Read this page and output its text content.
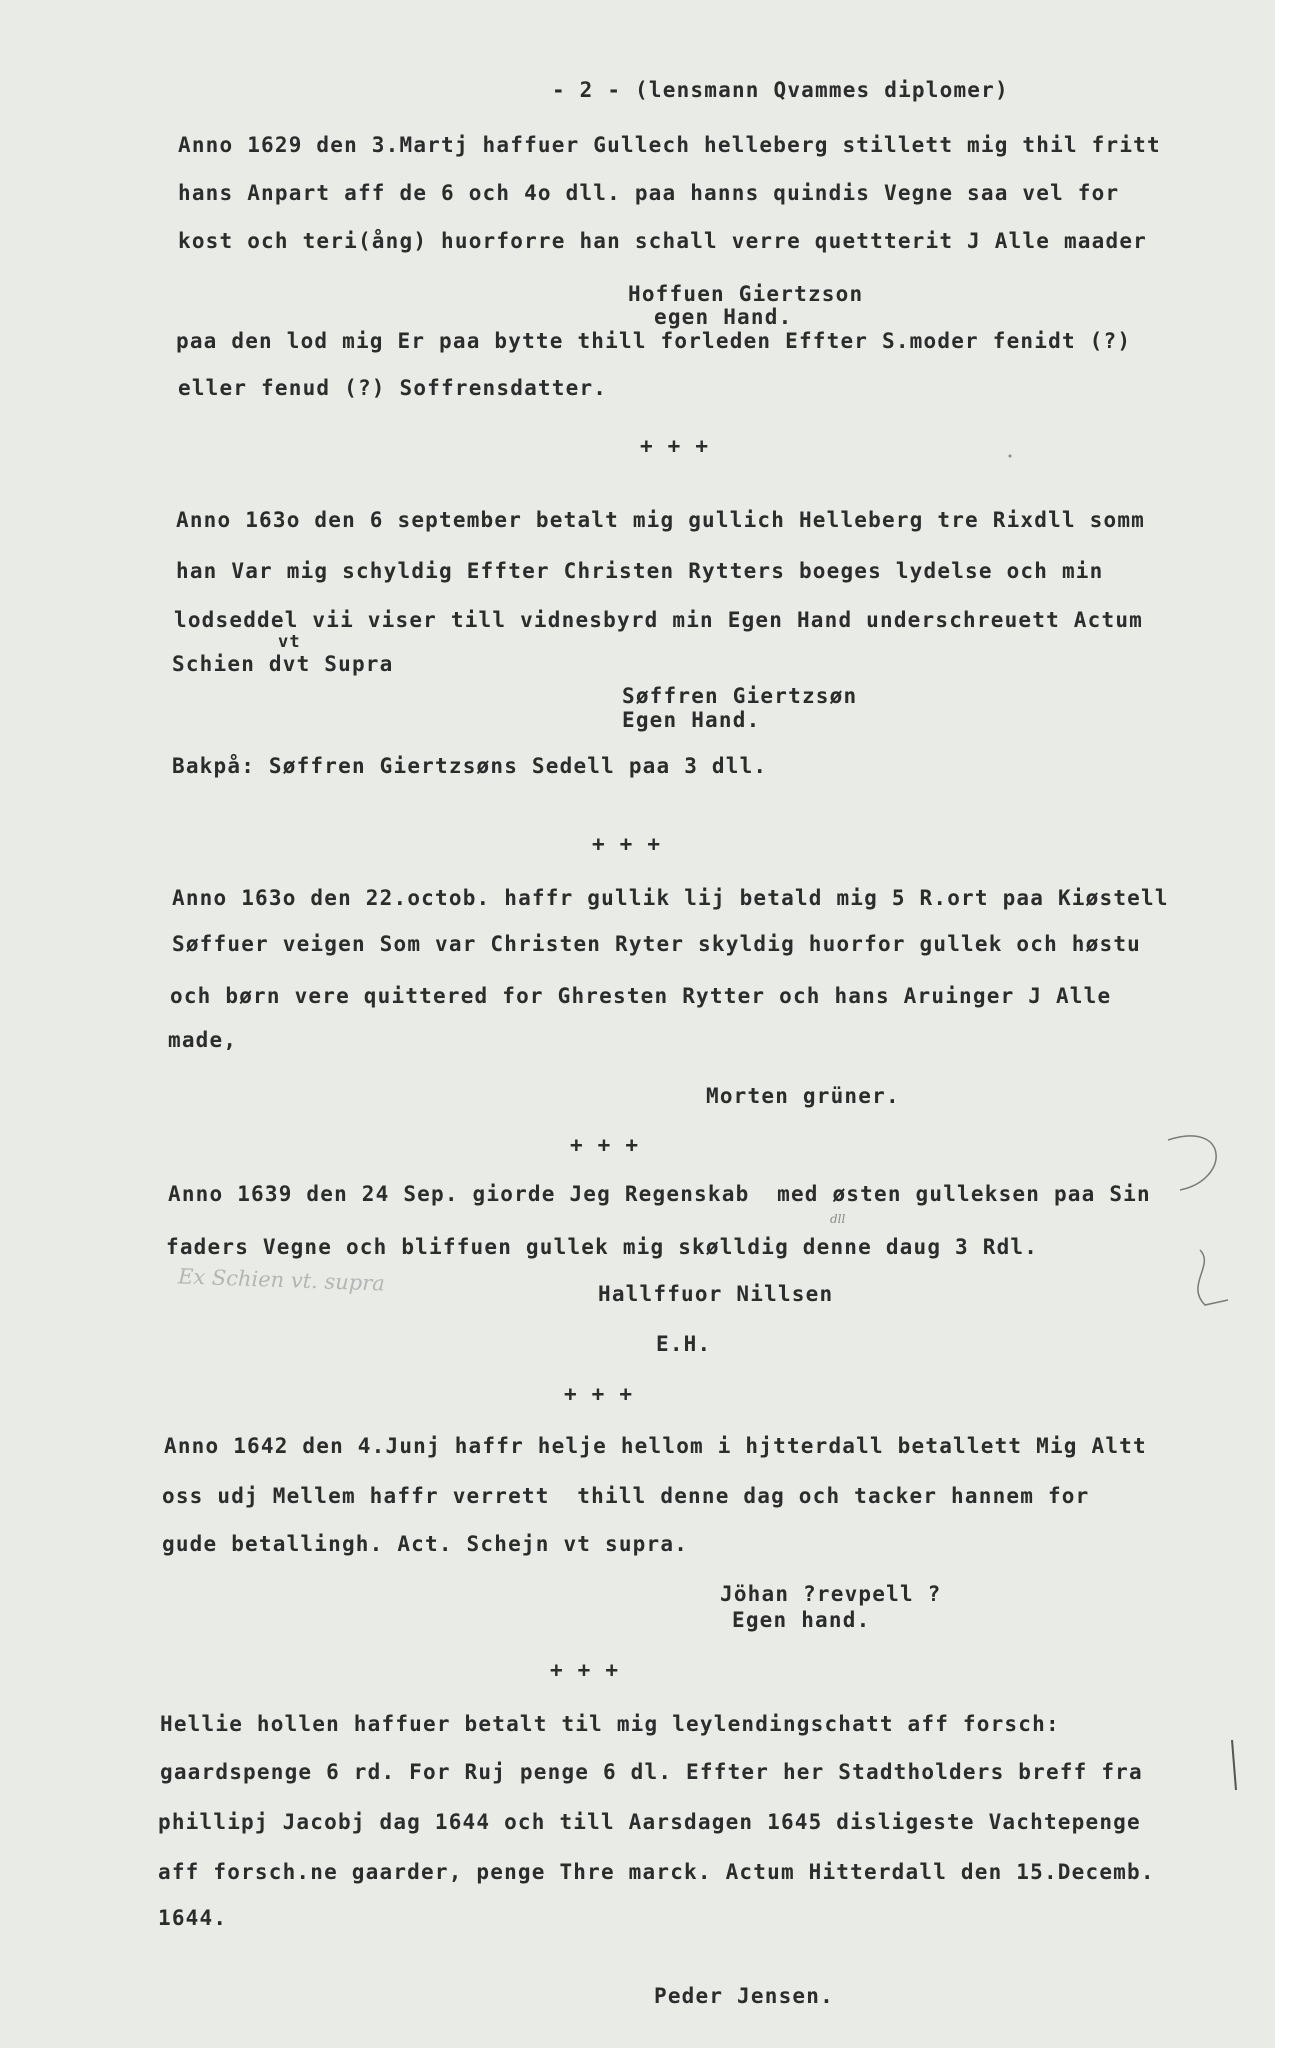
- 2 - (lensmann Qvammes diplomer)
Anno 1629 den 3.Martj haffuer Gullech helleberg stillett mig thil fritt
hans Anpart aff de 6 och 4o dll. paa hanns quindis Vegne saa vel for
kost och teri(ång) huorforre han schall verre quettterit J Alle maader
Hoffuen Giertzson
egen Hand.
paa den lod mig Er paa bytte thill forleden Effter S.moder fenidt (?)
eller fenud (?) Soffrensdatter.
+ + +
Anno 163o den 6 september betalt mig gullich Helleberg tre Rixdll somm
han Var mig schyldig Effter Christen Rytters boeges lydelse och min
lodseddel vii viser till vidnesbyrd min Egen Hand underschreuett Actum
vt
Schien dvt Supra
Søffren Giertzsøn
Egen Hand.
Bakpå: Søffren Giertzsøns Sedell paa 3 dll.
+ + +
Anno 163o den 22.octob. haffr gullik lij betald mig 5 R.ort paa Kiøstell
Søffuer veigen Som var Christen Ryter skyldig huorfor gullek och høstu
och børn vere quittered for Ghresten Rytter och hans Aruinger J Alle
made,
Morten grüner.
+ + +
Anno 1639 den 24 Sep. giorde Jeg Regenskab  med østen gulleksen paa Sin
faders Vegne och bliffuen gullek mig skølldig denne daug 3 Rdl.
dll
Ex Schien vt. supra	Hallffuor Nillsen
E.H.
+ + +
Anno 1642 den 4.Junj haffr helje hellom i hjtterdall betallett Mig Altt
oss udj Mellem haffr verrett  thill denne dag och tacker hannem for
gude betallingh. Act. Schejn vt supra.
Jöhan ?revpell ?
Egen hand.
+ + +
Hellie hollen haffuer betalt til mig leylendingschatt aff forsch:
gaardspenge 6 rd. For Ruj penge 6 dl. Effter her Stadtholders breff fra
phillipj Jacobj dag 1644 och till Aarsdagen 1645 disligeste Vachtepenge
aff forsch.ne gaarder, penge Thre marck. Actum Hitterdall den 15.Decemb.
1644.
Peder Jensen.
